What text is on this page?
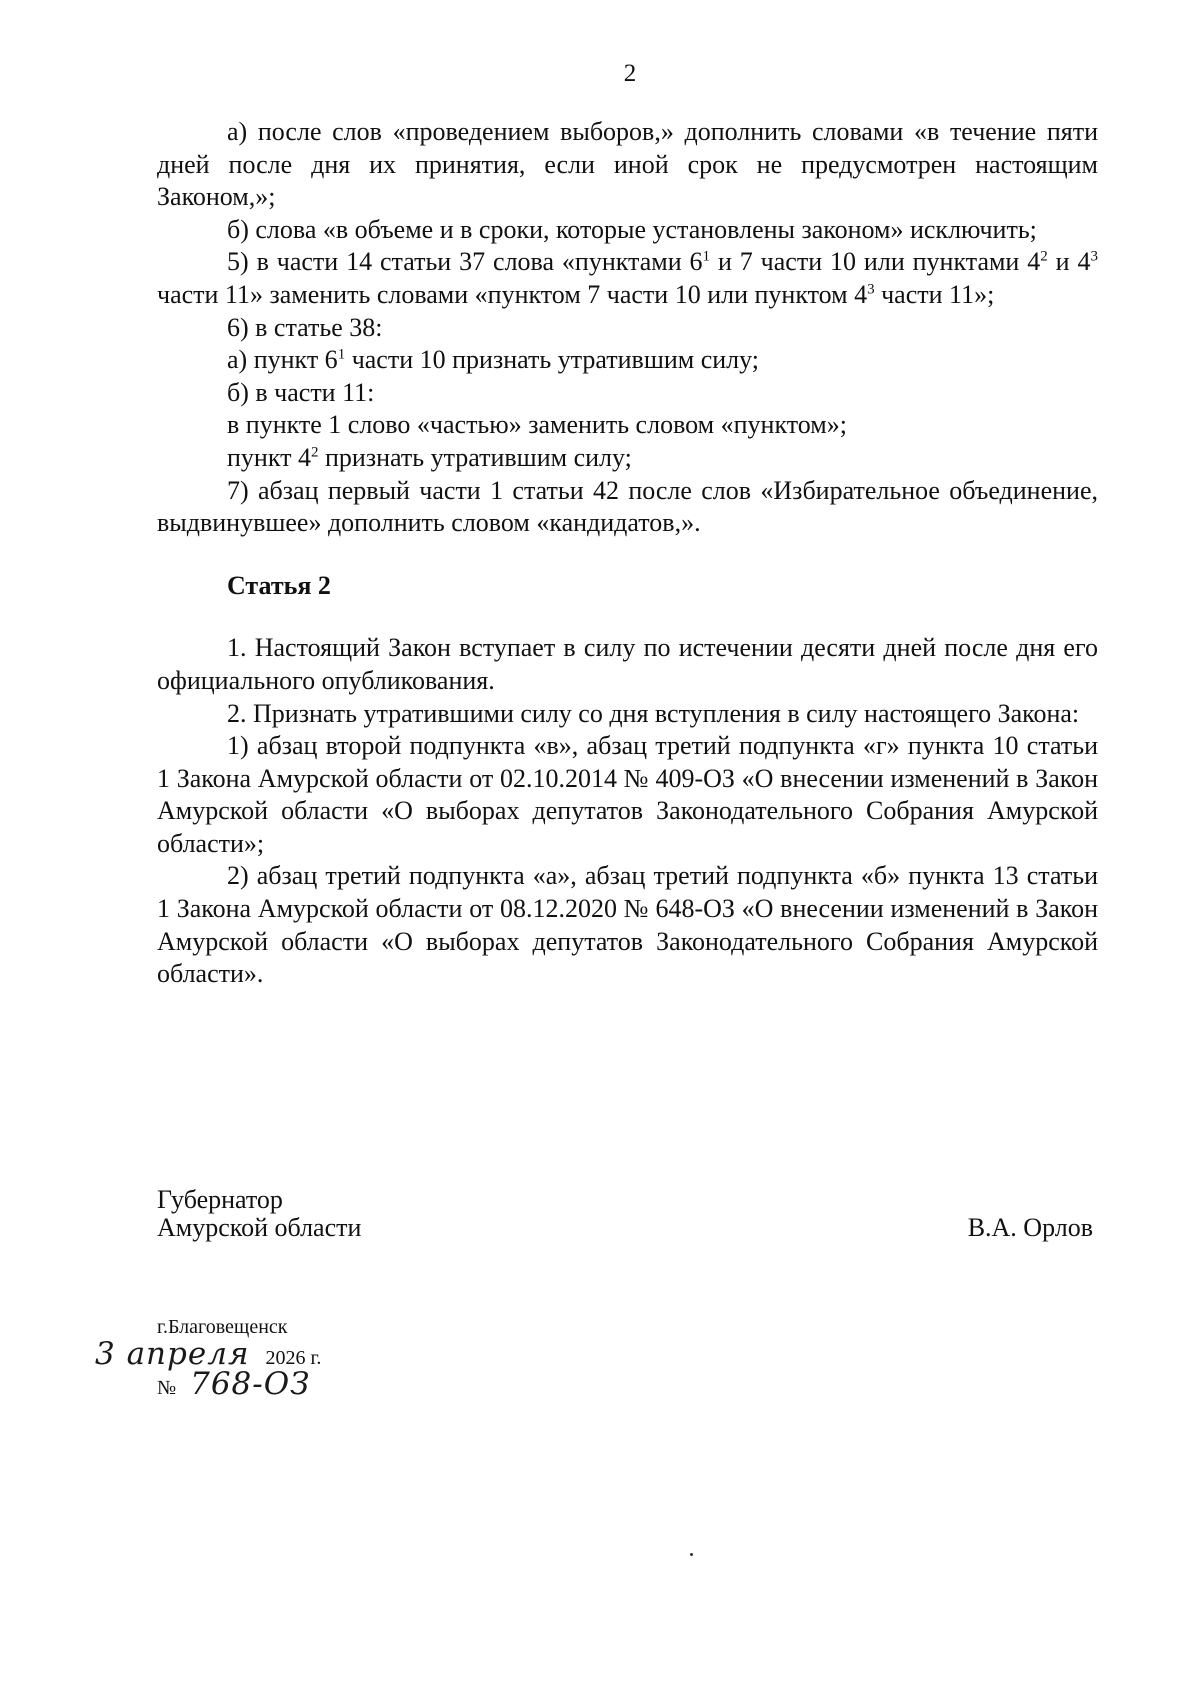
2

а) после слов «проведением выборов,» дополнить словами «в течение пяти дней после дня их принятия, если иной срок не предусмотрен настоящим Законом,»;

б) слова «в объеме и в сроки, которые установлены законом» исключить;

5) в части 14 статьи 37 слова «пунктами $6^1$ и 7 части 10 или пунктами $4^2$ и $4^3$ части 11» заменить словами «пунктом 7 части 10 или пунктом $4^3$ части 11»;

6) в статье 38:

а) пункт $6^1$ части 10 признать утратившим силу;

б) в части 11:

в пункте 1 слово «частью» заменить словом «пунктом»;

пункт $4^2$ признать утратившим силу;

7) абзац первый части 1 статьи 42 после слов «Избирательное объединение, выдвинувшее» дополнить словом «кандидатов,».

Статья 2

1. Настоящий Закон вступает в силу по истечении десяти дней после дня его официального опубликования.

2. Признать утратившими силу со дня вступления в силу настоящего Закона:

1) абзац второй подпункта «в», абзац третий подпункта «г» пункта 10 статьи 1 Закона Амурской области от 02.10.2014 № 409-ОЗ «О внесении изменений в Закон Амурской области «О выборах депутатов Законодательного Собрания Амурской области»;

2) абзац третий подпункта «а», абзац третий подпункта «б» пункта 13 статьи 1 Закона Амурской области от 08.12.2020 № 648-ОЗ «О внесении изменений в Закон Амурской области «О выборах депутатов Законодательного Собрания Амурской области».

Губернатор
Амурской области	В.А. Орлов
г.Благовещенск
3 апреля 2026 г.
№ 768-ОЗ
